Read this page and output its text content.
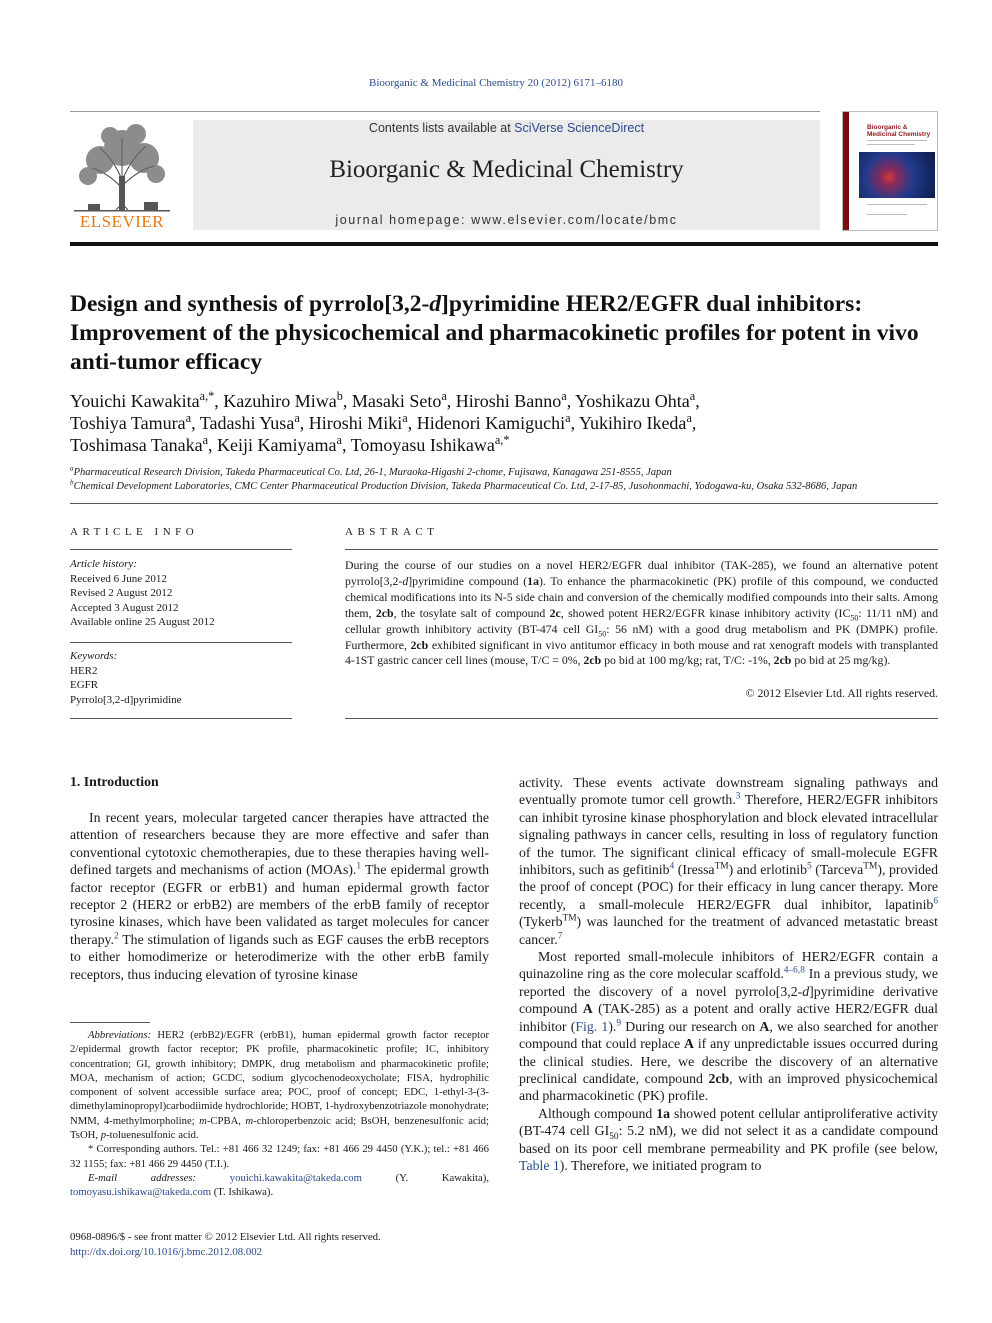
Bioorganic & Medicinal Chemistry 20 (2012) 6171–6180
ELSEVIER
Contents lists available at SciVerse ScienceDirect
Bioorganic & Medicinal Chemistry
journal homepage: www.elsevier.com/locate/bmc
Bioorganic & Medicinal Chemistry
Design and synthesis of pyrrolo[3,2-d]pyrimidine HER2/EGFR dual inhibitors: Improvement of the physicochemical and pharmacokinetic profiles for potent in vivo anti-tumor efficacy
Youichi Kawakita$^{a,*}$, Kazuhiro Miwa$^b$, Masaki Seto$^a$, Hiroshi Banno$^a$, Yoshikazu Ohta$^a$,
Toshiya Tamura$^a$, Tadashi Yusa$^a$, Hiroshi Miki$^a$, Hidenori Kamiguchi$^a$, Yukihiro Ikeda$^a$,
Toshimasa Tanaka$^a$, Keiji Kamiyama$^a$, Tomoyasu Ishikawa$^{a,*}$
$^a$Pharmaceutical Research Division, Takeda Pharmaceutical Co. Ltd, 26-1, Muraoka-Higashi 2-chome, Fujisawa, Kanagawa 251-8555, Japan
$^b$Chemical Development Laboratories, CMC Center Pharmaceutical Production Division, Takeda Pharmaceutical Co. Ltd, 2-17-85, Jusohonmachi, Yodogawa-ku, Osaka 532-8686, Japan
ARTICLE INFO
Article history:
Received 6 June 2012
Revised 2 August 2012
Accepted 3 August 2012
Available online 25 August 2012
Keywords:
HER2
EGFR
Pyrrolo[3,2-d]pyrimidine
ABSTRACT
During the course of our studies on a novel HER2/EGFR dual inhibitor (TAK-285), we found an alternative potent pyrrolo[3,2-d]pyrimidine compound (1a). To enhance the pharmacokinetic (PK) profile of this compound, we conducted chemical modifications into its N-5 side chain and conversion of the chemically modified compounds into their salts. Among them, 2cb, the tosylate salt of compound 2c, showed potent HER2/EGFR kinase inhibitory activity ($IC_{50}$: 11/11 nM) and cellular growth inhibitory activity (BT-474 cell $GI_{50}$: 56 nM) with a good drug metabolism and PK (DMPK) profile. Furthermore, 2cb exhibited significant in vivo antitumor efficacy in both mouse and rat xenograft models with transplanted 4-1ST gastric cancer cell lines (mouse, T/C = 0%, 2cb po bid at 100 mg/kg; rat, T/C: -1%, 2cb po bid at 25 mg/kg).
© 2012 Elsevier Ltd. All rights reserved.
1. Introduction

In recent years, molecular targeted cancer therapies have attracted the attention of researchers because they are more effective and safer than conventional cytotoxic chemotherapies, due to these therapies having well-defined targets and mechanisms of action (MOAs).$^1$ The epidermal growth factor receptor (EGFR or erbB1) and human epidermal growth factor receptor 2 (HER2 or erbB2) are members of the erbB family of receptor tyrosine kinases, which have been validated as target molecules for cancer therapy.$^2$ The stimulation of ligands such as EGF causes the erbB receptors to either homodimerize or heterodimerize with the other erbB family receptors, thus inducing elevation of tyrosine kinase

activity. These events activate downstream signaling pathways and eventually promote tumor cell growth.$^3$ Therefore, HER2/EGFR inhibitors can inhibit tyrosine kinase phosphorylation and block elevated intracellular signaling pathways in cancer cells, resulting in loss of regulatory function of the tumor. The significant clinical efficacy of small-molecule EGFR inhibitors, such as gefitinib$^4$ (Iressa™) and erlotinib$^5$ (Tarceva™), provided the proof of concept (POC) for their efficacy in lung cancer therapy. More recently, a small-molecule HER2/EGFR dual inhibitor, lapatinib$^6$ (Tykerb™) was launched for the treatment of advanced metastatic breast cancer.$^7$

Most reported small-molecule inhibitors of HER2/EGFR contain a quinazoline ring as the core molecular scaffold.$^{4-6,8}$ In a previous study, we reported the discovery of a novel pyrrolo[3,2-d]pyrimidine derivative compound A (TAK-285) as a potent and orally active HER2/EGFR dual inhibitor (Fig. 1).$^9$ During our research on A, we also searched for another compound that could replace A if any unpredictable issues occurred during the clinical studies. Here, we describe the discovery of an alternative preclinical candidate, compound 2cb, with an improved physicochemical and pharmacokinetic (PK) profile.

Although compound 1a showed potent cellular antiproliferative activity (BT-474 cell $GI_{50}$: 5.2 nM), we did not select it as a candidate compound based on its poor cell membrane permeability and PK profile (see below, Table 1). Therefore, we initiated program to

Abbreviations: HER2 (erbB2)/EGFR (erbB1), human epidermal growth factor receptor 2/epidermal growth factor receptor; PK profile, pharmacokinetic profile; IC, inhibitory concentration; GI, growth inhibitory; DMPK, drug metabolism and pharmacokinetic profile; MOA, mechanism of action; GCDC, sodium glycochenodeoxycholate; FISA, hydrophilic component of solvent accessible surface area; POC, proof of concept; EDC, 1-ethyl-3-(3-dimethylaminopropyl)carbodiimide hydrochloride; HOBT, 1-hydroxybenzotriazole monohydrate; NMM, 4-methylmorpholine; m-CPBA, m-chloroperbenzoic acid; BsOH, benzenesulfonic acid; TsOH, p-toluenesulfonic acid.

* Corresponding authors. Tel.: +81 466 32 1249; fax: +81 466 29 4450 (Y.K.); tel.: +81 466 32 1155; fax: +81 466 29 4450 (T.I.).

E-mail addresses:	youichi.kawakita@takeda.com (Y. Kawakita), tomoyasu.ishikawa@takeda.com (T. Ishikawa).

0968-0896/$ - see front matter © 2012 Elsevier Ltd. All rights reserved.
http://dx.doi.org/10.1016/j.bmc.2012.08.002
